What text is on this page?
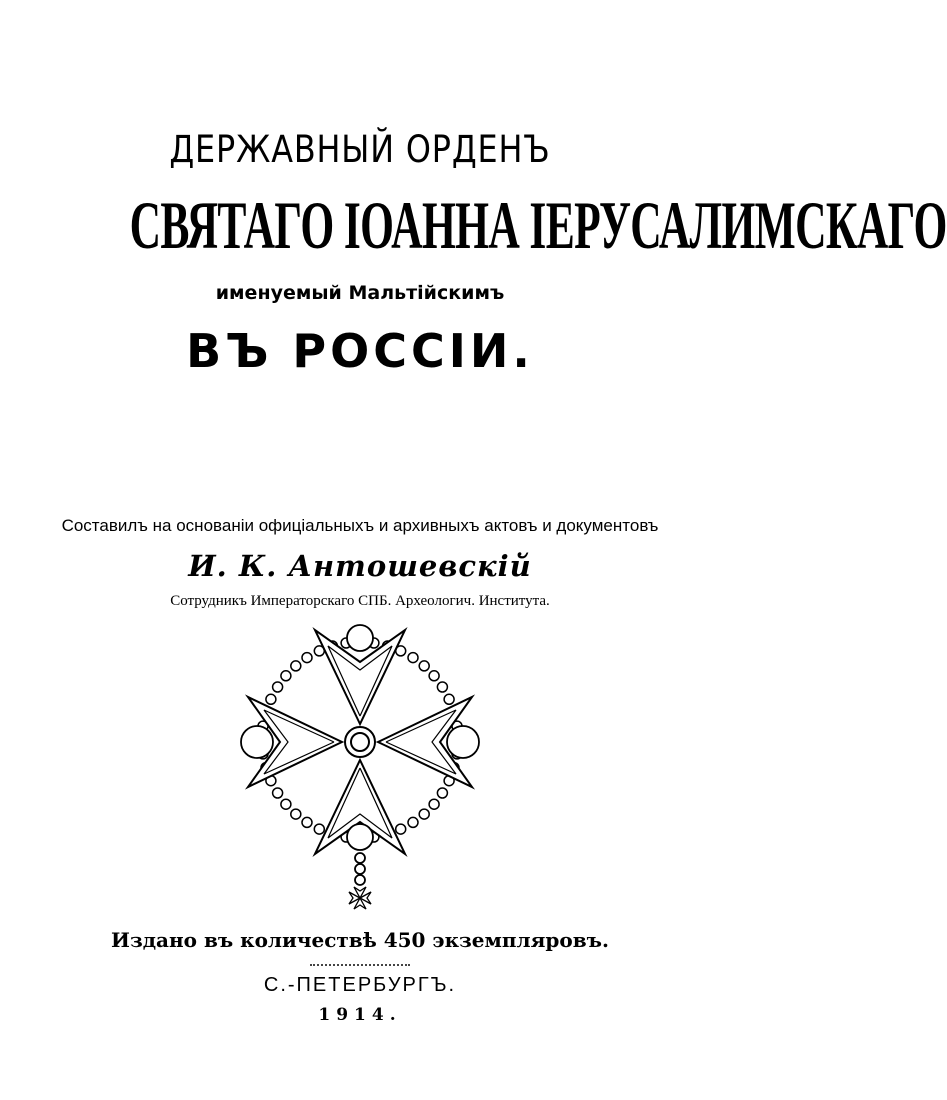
ДЕРЖАВНЫЙ ОРДЕНЪ
СВЯТАГО ІОАННА ІЕРУСАЛИМСКАГО
именуемый Мальтійскимъ
ВЪ РОССІИ.
Составилъ на основаніи офиціальныхъ и архивныхъ актовъ и документовъ
И. К. Антошевскій
Сотрудникъ Императорскаго СПБ. Археологич. Института.
Издано въ количествѣ 450 экземпляровъ.
С.-ПЕТЕРБУРГЪ.
1914.
